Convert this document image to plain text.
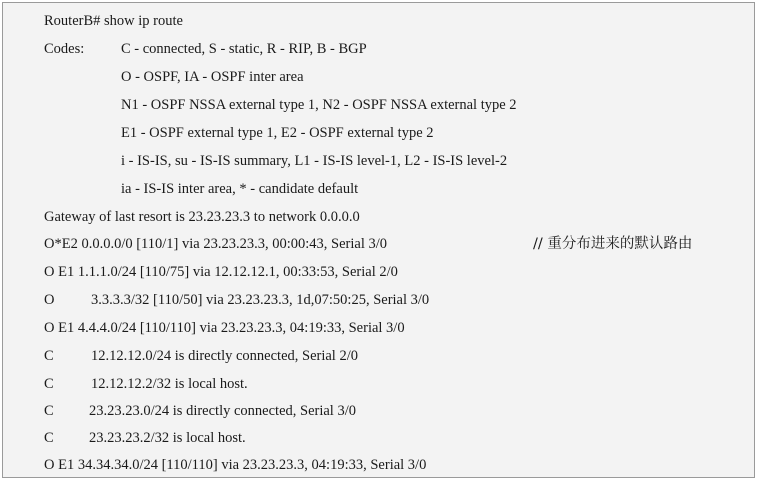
RouterB# show ip route
Codes:	C - connected, S - static, R - RIP, B - BGP
O - OSPF, IA - OSPF inter area
N1 - OSPF NSSA external type 1, N2 - OSPF NSSA external type 2
E1 - OSPF external type 1, E2 - OSPF external type 2
i - IS-IS, su - IS-IS summary, L1 - IS-IS level-1, L2 - IS-IS level-2
ia - IS-IS inter area, * - candidate default
Gateway of last resort is 23.23.23.3 to network 0.0.0.0
O*E2 0.0.0.0/0 [110/1] via 23.23.23.3, 00:00:43, Serial 3/0	// 重分布进来的默认路由
O E1 1.1.1.0/24 [110/75] via 12.12.12.1, 00:33:53, Serial 2/0
O	3.3.3.3/32 [110/50] via 23.23.23.3, 1d,07:50:25, Serial 3/0
O E1 4.4.4.0/24 [110/110] via 23.23.23.3, 04:19:33, Serial 3/0
C	12.12.12.0/24 is directly connected, Serial 2/0
C	12.12.12.2/32 is local host.
C 23.23.23.0/24 is directly connected, Serial 3/0
C 23.23.23.2/32 is local host.
O E1 34.34.34.0/24 [110/110] via 23.23.23.3, 04:19:33, Serial 3/0
